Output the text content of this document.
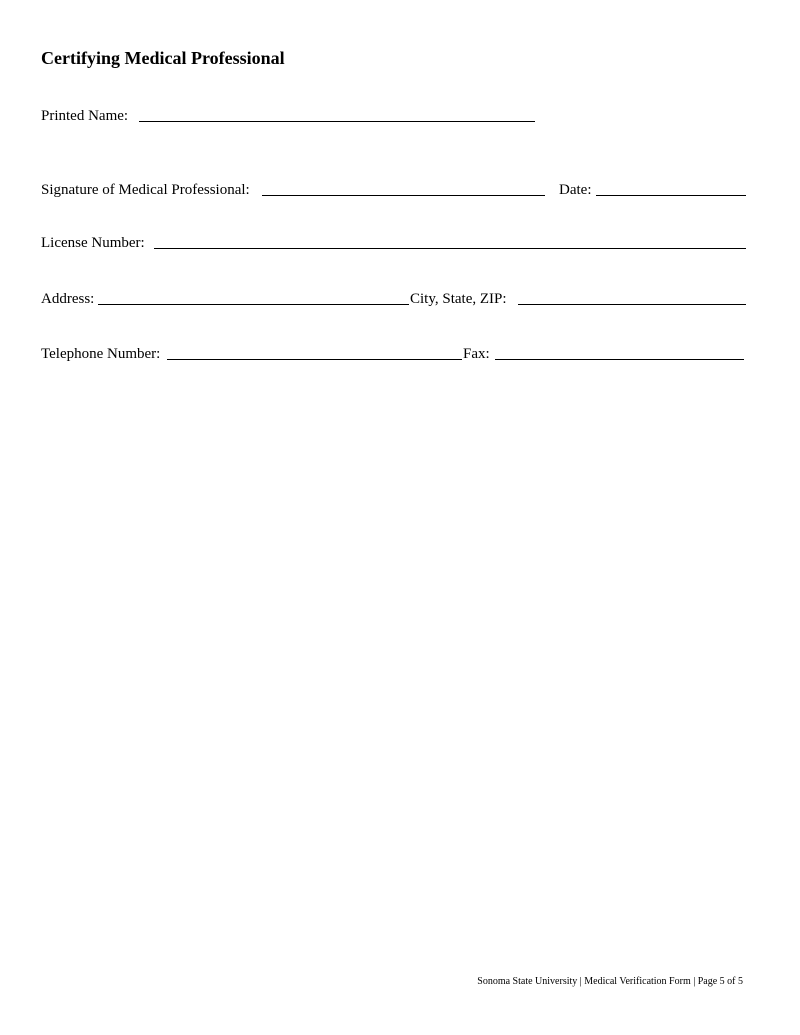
Certifying Medical Professional
Printed Name:
Signature of Medical Professional:	Date:
License Number:
Address:	City, State, ZIP:
Telephone Number:	Fax:
Sonoma State University | Medical Verification Form | Page 5 of 5
